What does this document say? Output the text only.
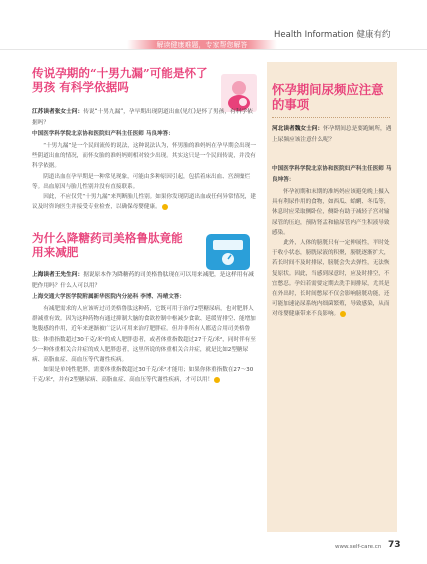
Health Information 健康有约
解读健康难题，专家帮您解答
传说孕期的“十男九漏”可能是怀了男孩 有科学依据吗
江苏读者张女士问：传说“十男九漏”，孕早期出现阴道出血(见红)是怀了男孩，有科学依据吗？
中国医学科学院北京协和医院妇产科主任医师 马良坤答：

“十男九漏”是一个民间流传的说法，这种说法认为，怀男胎的准妈妈在孕早期会出现一些阴道出血的情况，而怀女胎的准妈妈则相对较少出现。其实这只是一个民间传说，并没有科学依据。

阴道出血在孕早期是一种常见现象，可能由多种原因引起，包括着床出血、宫颈糜烂等。出血原因与胎儿性别并没有直接联系。

因此，不应仅凭“十男九漏”来判断胎儿性别。如果你发现阴道出血或任何异常情况，建议及时咨询医生并接受专业检查，以确保母婴健康。

为什么降糖药司美格鲁肽竟能用来减肥
上海读者王先生问：据说原本作为降糖药的司美格鲁肽现在可以用来减肥，是这样用有减肥作用吗？什么人可以用？
上海交通大学医学院附属新华医院内分泌科 李博、冯晴文答：

有减肥需求的人应该听过司美格鲁肽这种药，它既可用于治疗2型糖尿病，也对肥胖人群减重有效。因为这种药物有通过抑制大脑的食欲控制中枢减少食欲、延缓胃排空、能增加饱腹感的作用，近年来逐渐被广泛认可用来治疗肥胖症。但并非所有人都适合用司美格鲁肽：体重指数超过30千克/米²的成人肥胖患者，或者体重指数超过27千克/米²，同时伴有至少一种体重相关合并症的成人肥胖患者，这里所说的体重相关合并症，就是比如2型糖尿病、高脂血症、高血压等代谢性疾病。

如果是单纯性肥胖，需要体重指数超过30千克/米²才能用；如果你体重指数在27～30千克/米²，并有2型糖尿病、高脂血症、高血压等代谢性疾病，才可以用！

怀孕期间尿频应注意的事项
河北读者魏女士问：怀孕期间总是要跑厕所，遇上尿频应该注意什么呢？
中国医学科学院北京协和医院妇产科主任医师 马良坤答：

怀孕初期和末期的准妈妈应该避免晚上摄入具有利尿作用的食物，如西瓜、蛤蜊、冬瓜等，休息时应采取侧卧位，侧卧有助于减轻子宫对输尿管的压迫，预防肾盂和输尿管内产生积液导致感染。

此外，人体的膀胱只有一定伸展性，平时处于收小状态，膀胱尿液的积聚，膀胱逐渐扩大，若长时间不及时排尿，膀胱会失去弹性，无法恢复原状。因此，当感到尿意时，应及时排空，不宜憋忍。孕妇若需要定期去洗手间排尿，尤其是在外出时，长时间憋尿不仅会影响膀胱功能，还可能加速泌尿系统内细菌繁殖，导致感染，从而对母婴健康带来不良影响。

www.self-care.cn 73
